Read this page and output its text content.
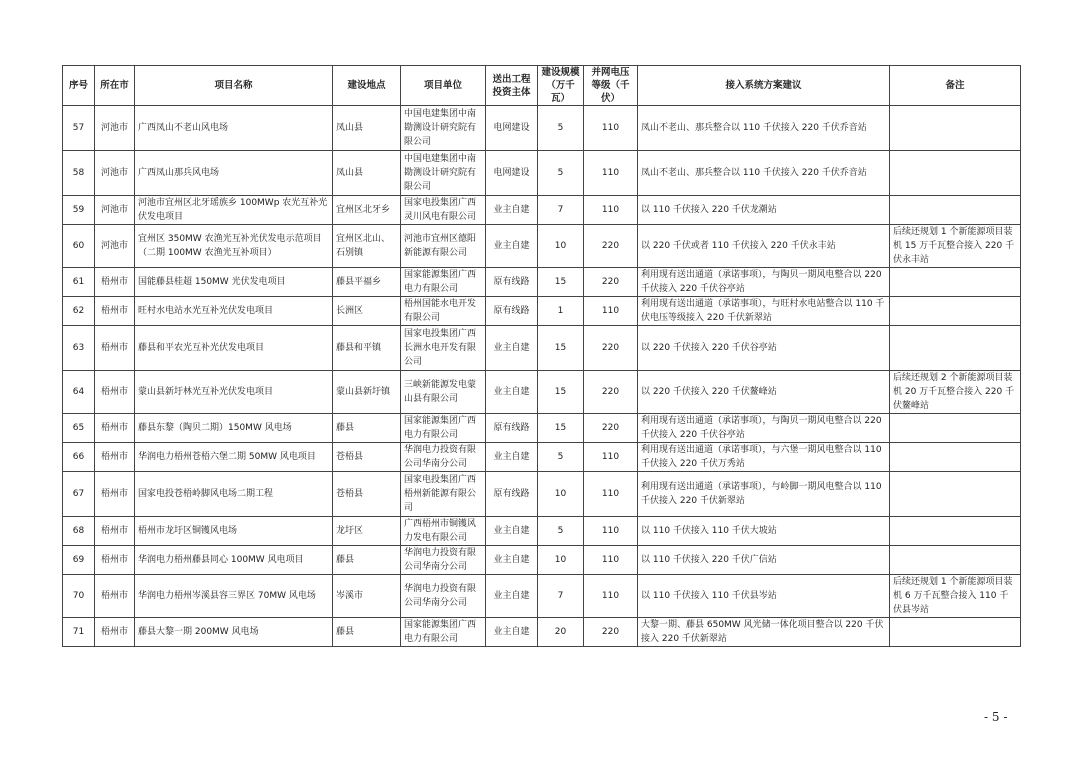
序号	所在市	项目名称	建设地点	项目单位	送出工程投资主体	建设规模（万千瓦）	并网电压等级（千伏）	接入系统方案建议	备注
57	河池市	广西凤山不老山风电场	凤山县	中国电建集团中南勘测设计研究院有限公司	电网建设	5	110	凤山不老山、那兵整合以 110 千伏接入 220 千伏乔音站	
58	河池市	广西凤山那兵风电场	凤山县	中国电建集团中南勘测设计研究院有限公司	电网建设	5	110	凤山不老山、那兵整合以 110 千伏接入 220 千伏乔音站	
59	河池市	河池市宜州区北牙瑶族乡 100MWp 农光互补光伏发电项目	宜州区北牙乡	国家电投集团广西灵川风电有限公司	业主自建	7	110	以 110 千伏接入 220 千伏龙潮站	
60	河池市	宜州区 350MW 农渔光互补光伏发电示范项目（二期 100MW 农渔光互补项目）	宜州区北山、石别镇	河池市宜州区德阳新能源有限公司	业主自建	10	220	以 220 千伏或者 110 千伏接入 220 千伏永丰站	后续还规划 1 个新能源项目装机 15 万千瓦整合接入 220 千伏永丰站
61	梧州市	国能藤县桂超 150MW 光伏发电项目	藤县平福乡	国家能源集团广西电力有限公司	原有线路	15	220	利用现有送出通道（承诺事项），与陶贝一期风电整合以 220 千伏接入 220 千伏谷亭站	
62	梧州市	旺村水电站水光互补光伏发电项目	长洲区	梧州国能水电开发有限公司	原有线路	1	110	利用现有送出通道（承诺事项），与旺村水电站整合以 110 千伏电压等级接入 220 千伏新翠站	
63	梧州市	藤县和平农光互补光伏发电项目	藤县和平镇	国家电投集团广西长洲水电开发有限公司	业主自建	15	220	以 220 千伏接入 220 千伏谷亭站	
64	梧州市	蒙山县新圩林光互补光伏发电项目	蒙山县新圩镇	三峡新能源发电蒙山县有限公司	业主自建	15	220	以 220 千伏接入 220 千伏鳌峰站	后续还规划 2 个新能源项目装机 20 万千瓦整合接入 220 千伏鳌峰站
65	梧州市	藤县东黎（陶贝二期）150MW 风电场	藤县	国家能源集团广西电力有限公司	原有线路	15	220	利用现有送出通道（承诺事项），与陶贝一期风电整合以 220 千伏接入 220 千伏谷亭站	
66	梧州市	华润电力梧州苍梧六堡二期 50MW 风电项目	苍梧县	华润电力投资有限公司华南分公司	业主自建	5	110	利用现有送出通道（承诺事项），与六堡一期风电整合以 110 千伏接入 220 千伏万秀站	
67	梧州市	国家电投苍梧岭脚风电场二期工程	苍梧县	国家电投集团广西梧州新能源有限公司	原有线路	10	110	利用现有送出通道（承诺事项），与岭脚一期风电整合以 110 千伏接入 220 千伏新翠站	
68	梧州市	梧州市龙圩区铜镬风电场	龙圩区	广西梧州市铜镬风力发电有限公司	业主自建	5	110	以 110 千伏接入 110 千伏大坡站	
69	梧州市	华润电力梧州藤县同心 100MW 风电项目	藤县	华润电力投资有限公司华南分公司	业主自建	10	110	以 110 千伏接入 220 千伏广信站	
70	梧州市	华润电力梧州岑溪县容三界区 70MW 风电场	岑溪市	华润电力投资有限公司华南分公司	业主自建	7	110	以 110 千伏接入 110 千伏县岑站	后续还规划 1 个新能源项目装机 6 万千瓦整合接入 110 千伏县岑站
71	梧州市	藤县大黎一期 200MW 风电场	藤县	国家能源集团广西电力有限公司	业主自建	20	220	大黎一期、藤县 650MW 风光储一体化项目整合以 220 千伏接入 220 千伏新翠站	
- 5 -
